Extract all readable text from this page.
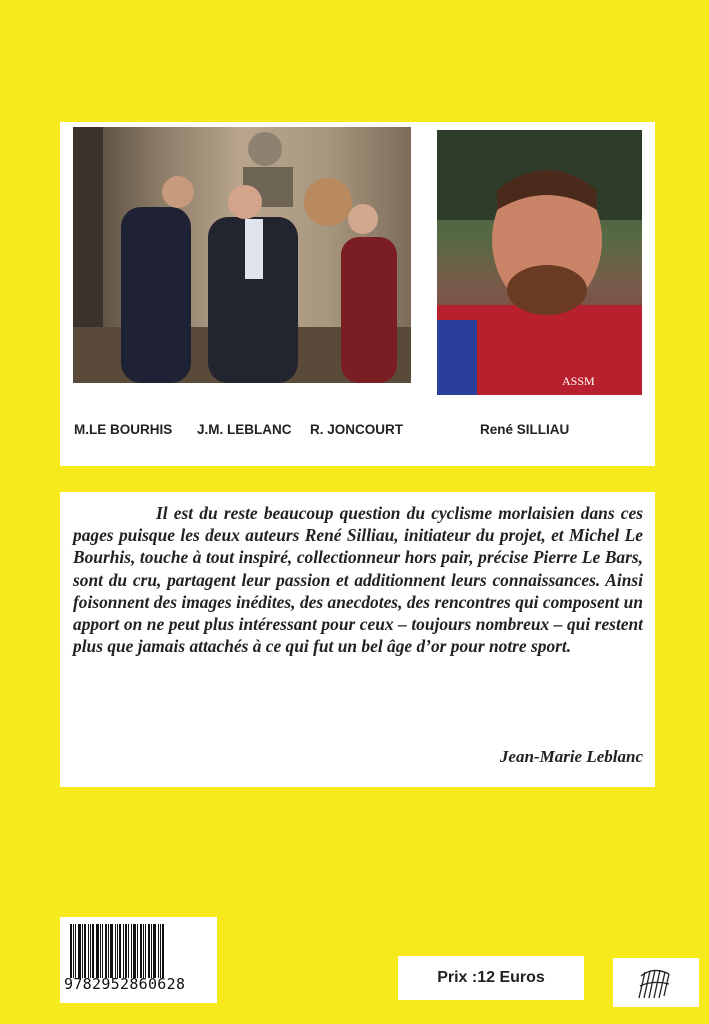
ASSM
M.LE BOURHIS J.M. LEBLANC R. JONCOURT	René SILLIAU
Il est du reste beaucoup question du cyclisme morlaisien dans ces pages puisque les deux auteurs René Silliau, initiateur du projet, et Michel Le Bourhis, touche à tout inspiré, collectionneur hors pair, précise Pierre Le Bars, sont du cru, partagent leur passion et additionnent leurs connaissances. Ainsi foisonnent des images inédites, des anecdotes, des rencontres qui composent un apport on ne peut plus intéressant pour ceux – toujours nombreux – qui restent plus que jamais attachés à ce qui fut un bel âge d’or pour notre sport.
Jean-Marie Leblanc
9782952860628	Prix :12 Euros
